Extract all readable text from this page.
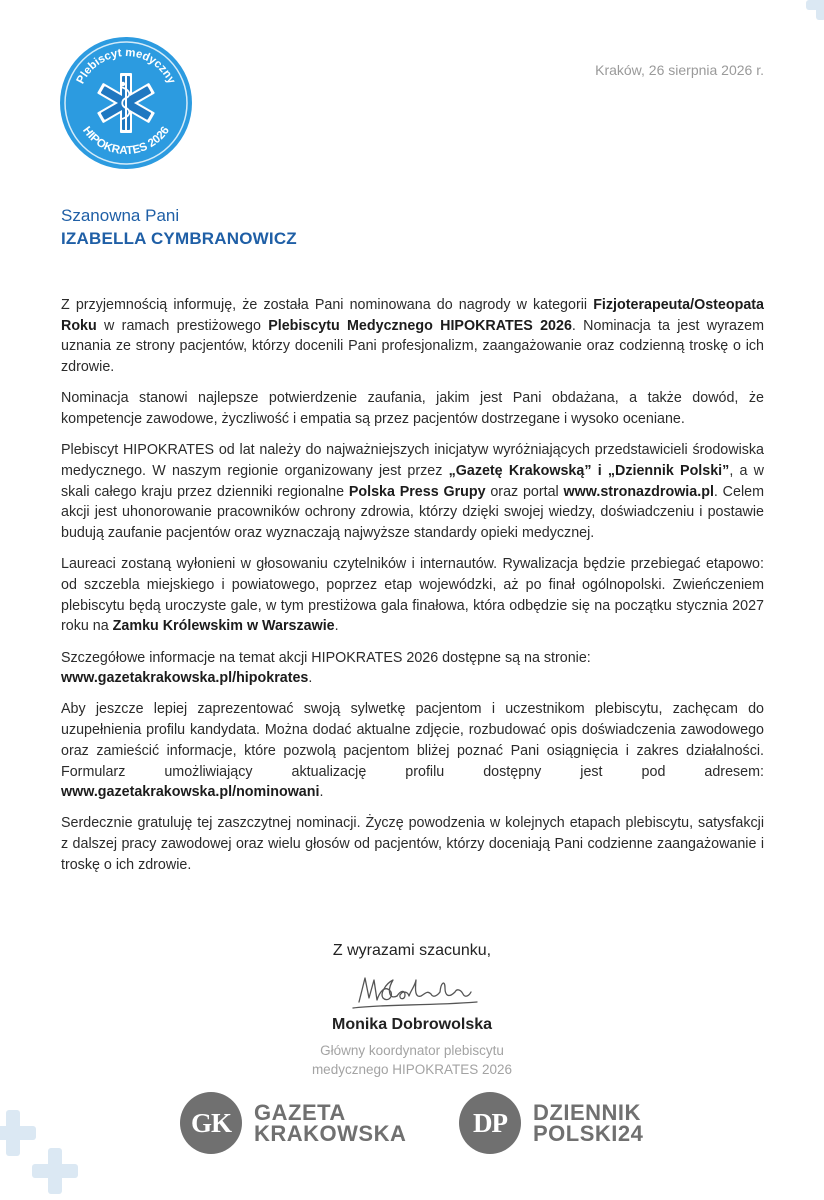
Plebiscyt medyczny
HIPOKRATES 2026
Kraków, 26 sierpnia 2026 r.
Szanowna Pani
IZABELLA CYMBRANOWICZ

Z przyjemnością informuję, że została Pani nominowana do nagrody w kategorii Fizjoterapeuta/Osteopata Roku w ramach prestiżowego Plebiscytu Medycznego HIPOKRATES 2026. Nominacja ta jest wyrazem uznania ze strony pacjentów, którzy docenili Pani profesjonalizm, zaangażowanie oraz codzienną troskę o ich zdrowie.

Nominacja stanowi najlepsze potwierdzenie zaufania, jakim jest Pani obdażana, a także dowód, że kompetencje zawodowe, życzliwość i empatia są przez pacjentów dostrzegane i wysoko oceniane.

Plebiscyt HIPOKRATES od lat należy do najważniejszych inicjatyw wyróżniających przedstawicieli środowiska medycznego. W naszym regionie organizowany jest przez „Gazetę Krakowską” i „Dziennik Polski”, a w skali całego kraju przez dzienniki regionalne Polska Press Grupy oraz portal www.stronazdrowia.pl. Celem akcji jest uhonorowanie pracowników ochrony zdrowia, którzy dzięki swojej wiedzy, doświadczeniu i postawie budują zaufanie pacjentów oraz wyznaczają najwyższe standardy opieki medycznej.

Laureaci zostaną wyłonieni w głosowaniu czytelników i internautów. Rywalizacja będzie przebiegać etapowo: od szczebla miejskiego i powiatowego, poprzez etap wojewódzki, aż po finał ogólnopolski. Zwieńczeniem plebiscytu będą uroczyste gale, w tym prestiżowa gala finałowa, która odbędzie się na początku stycznia 2027 roku na Zamku Królewskim w Warszawie.

Szczegółowe informacje na temat akcji HIPOKRATES 2026 dostępne są na stronie:
www.gazetakrakowska.pl/hipokrates.

Aby jeszcze lepiej zaprezentować swoją sylwetkę pacjentom i uczestnikom plebiscytu, zachęcam do uzupełnienia profilu kandydata. Można dodać aktualne zdjęcie, rozbudować opis doświadczenia zawodowego oraz zamieścić informacje, które pozwolą pacjentom bliżej poznać Pani osiągnięcia i zakres działalności. Formularz umożliwiający aktualizację profilu dostępny jest pod adresem: www.gazetakrakowska.pl/nominowani.

Serdecznie gratuluję tej zaszczytnej nominacji. Życzę powodzenia w kolejnych etapach plebiscytu, satysfakcji z dalszej pracy zawodowej oraz wielu głosów od pacjentów, którzy doceniają Pani codzienne zaangażowanie i troskę o ich zdrowie.

Z wyrazami szacunku,
Monika Dobrowolska
Główny koordynator plebiscytu
medycznego HIPOKRATES 2026
GK	GAZETA
KRAKOWSKA	DP	DZIENNIK
POLSKI24
